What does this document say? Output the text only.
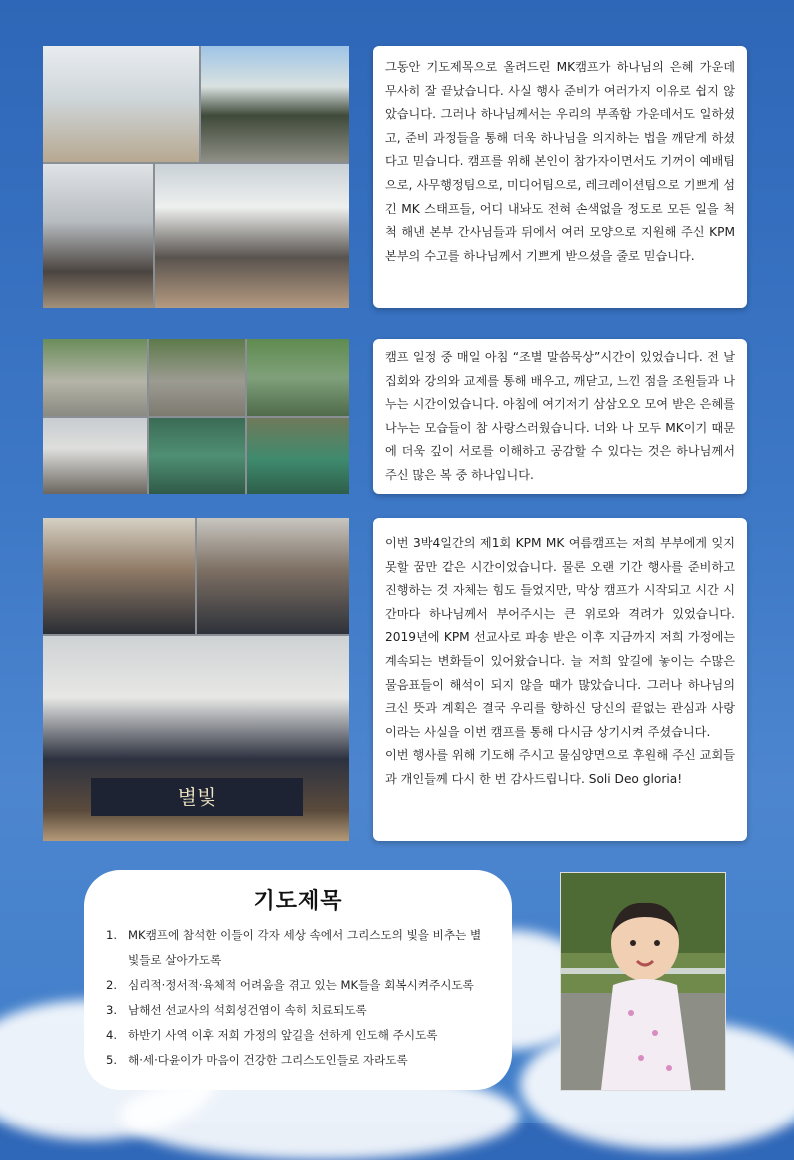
그동안 기도제목으로 올려드린 MK캠프가 하나님의 은혜 가운데 무사히 잘 끝났습니다. 사실 행사 준비가 여러가지 이유로 쉽지 않았습니다. 그러나 하나님께서는 우리의 부족함 가운데서도 일하셨고, 준비 과정들을 통해 더욱 하나님을 의지하는 법을 깨닫게 하셨다고 믿습니다. 캠프를 위해 본인이 참가자이면서도 기꺼이 예배팀으로, 사무행정팀으로, 미디어팀으로, 레크레이션팀으로 기쁘게 섬긴 MK 스태프들, 어디 내놔도 전혀 손색없을 정도로 모든 일을 척척 해낸 본부 간사님들과 뒤에서 여러 모양으로 지원해 주신 KPM 본부의 수고를 하나님께서 기쁘게 받으셨을 줄로 믿습니다.

캠프 일정 중 매일 아침 “조별 말씀묵상”시간이 있었습니다. 전 날 집회와 강의와 교제를 통해 배우고, 깨닫고, 느낀 점을 조원들과 나누는 시간이었습니다. 아침에 여기저기 삼삼오오 모여 받은 은혜를 나누는 모습들이 참 사랑스러웠습니다. 너와 나 모두 MK이기 때문에 더욱 깊이 서로를 이해하고 공감할 수 있다는 것은 하나님께서 주신 많은 복 중 하나입니다.

별빛

이번 3박4일간의 제1회 KPM MK 여름캠프는 저희 부부에게 잊지 못할 꿈만 같은 시간이었습니다. 물론 오랜 기간 행사를 준비하고 진행하는 것 자체는 힘도 들었지만, 막상 캠프가 시작되고 시간 시간마다 하나님께서 부어주시는 큰 위로와 격려가 있었습니다. 2019년에 KPM 선교사로 파송 받은 이후 지금까지 저희 가정에는 계속되는 변화들이 있어왔습니다. 늘 저희 앞길에 놓이는 수많은 물음표들이 해석이 되지 않을 때가 많았습니다. 그러나 하나님의 크신 뜻과 계획은 결국 우리를 향하신 당신의 끝없는 관심과 사랑이라는 사실을 이번 캠프를 통해 다시금 상기시켜 주셨습니다.

이번 행사를 위해 기도해 주시고 물심양면으로 후원해 주신 교회들과 개인들께 다시 한 번 감사드립니다. Soli Deo gloria!

기도제목
1. MK캠프에 참석한 이들이 각자 세상 속에서 그리스도의 빛을 비추는 별빛들로 살아가도록
2. 심리적·정서적·육체적 어려움을 겪고 있는 MK들을 회복시켜주시도록
3. 남해선 선교사의 석회성건염이 속히 치료되도록
4. 하반기 사역 이후 저희 가정의 앞길을 선하게 인도해 주시도록
5. 해·세·다윤이가 마음이 건강한 그리스도인들로 자라도록
